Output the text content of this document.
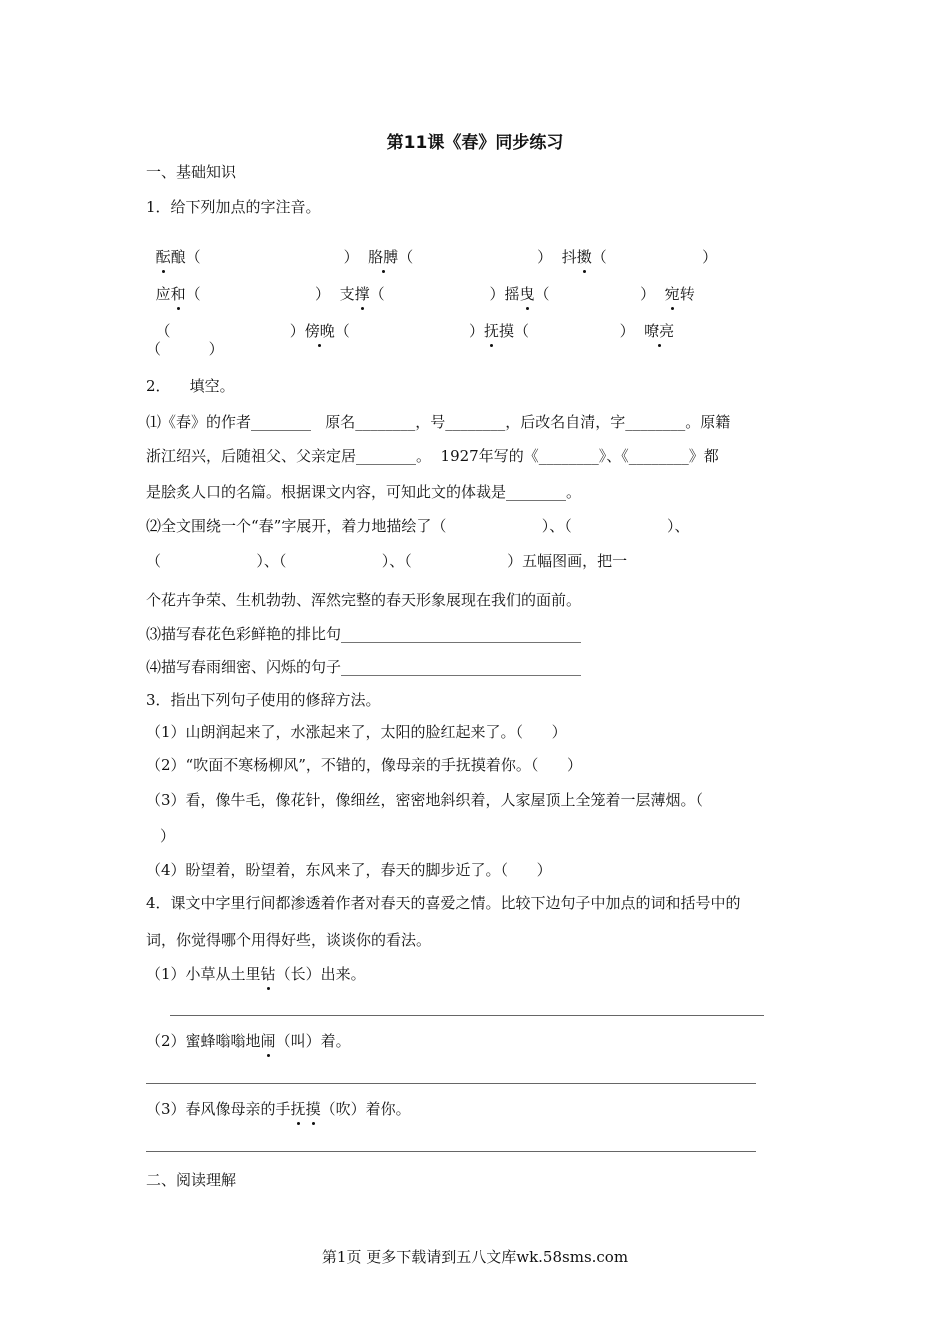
第11课《春》同步练习
一、基础知识
1．给下列加点的字注音。

酝酿（                              ） 胳膊（                          ） 抖擞（                    ）

应和（                        ） 支撑（                      ）摇曳（                   ） 宛转

（                         ）傍晚（                         ）抚摸（                   ） 嘹亮

（          ）
2．    填空。
⑴《春》的作者________   原名________，号________，后改名自清，字________。原籍
浙江绍兴，后随祖父、父亲定居________。  1927年写的《________》、《________》都
是脍炙人口的名篇。根据课文内容，可知此文的体裁是________。
⑵全文围绕一个“春”字展开，着力地描绘了（                    ）、（                    ）、
（                    ）、（                    ）、（                    ）五幅图画，把一
个花卉争荣、生机勃勃、浑然完整的春天形象展现在我们的面前。
⑶描写春花色彩鲜艳的排比句________________________________
⑷描写春雨细密、闪烁的句子________________________________
3．指出下列句子使用的修辞方法。
（1）山朗润起来了，水涨起来了，太阳的脸红起来了。（      ）
（2）“吹面不寒杨柳风”，不错的，像母亲的手抚摸着你。（      ）
（3）看，像牛毛，像花针，像细丝，密密地斜织着，人家屋顶上全笼着一层薄烟。（
）
（4）盼望着，盼望着，东风来了，春天的脚步近了。（      ）
4．课文中字里行间都渗透着作者对春天的喜爱之情。比较下边句子中加点的词和括号中的
词，你觉得哪个用得好些，谈谈你的看法。
（1）小草从土里钻（长）出来。
（2）蜜蜂嗡嗡地闹（叫）着。
（3）春风像母亲的手抚摸（吹）着你。
二、阅读理解
第1页 更多下载请到五八文库wk.58sms.com
